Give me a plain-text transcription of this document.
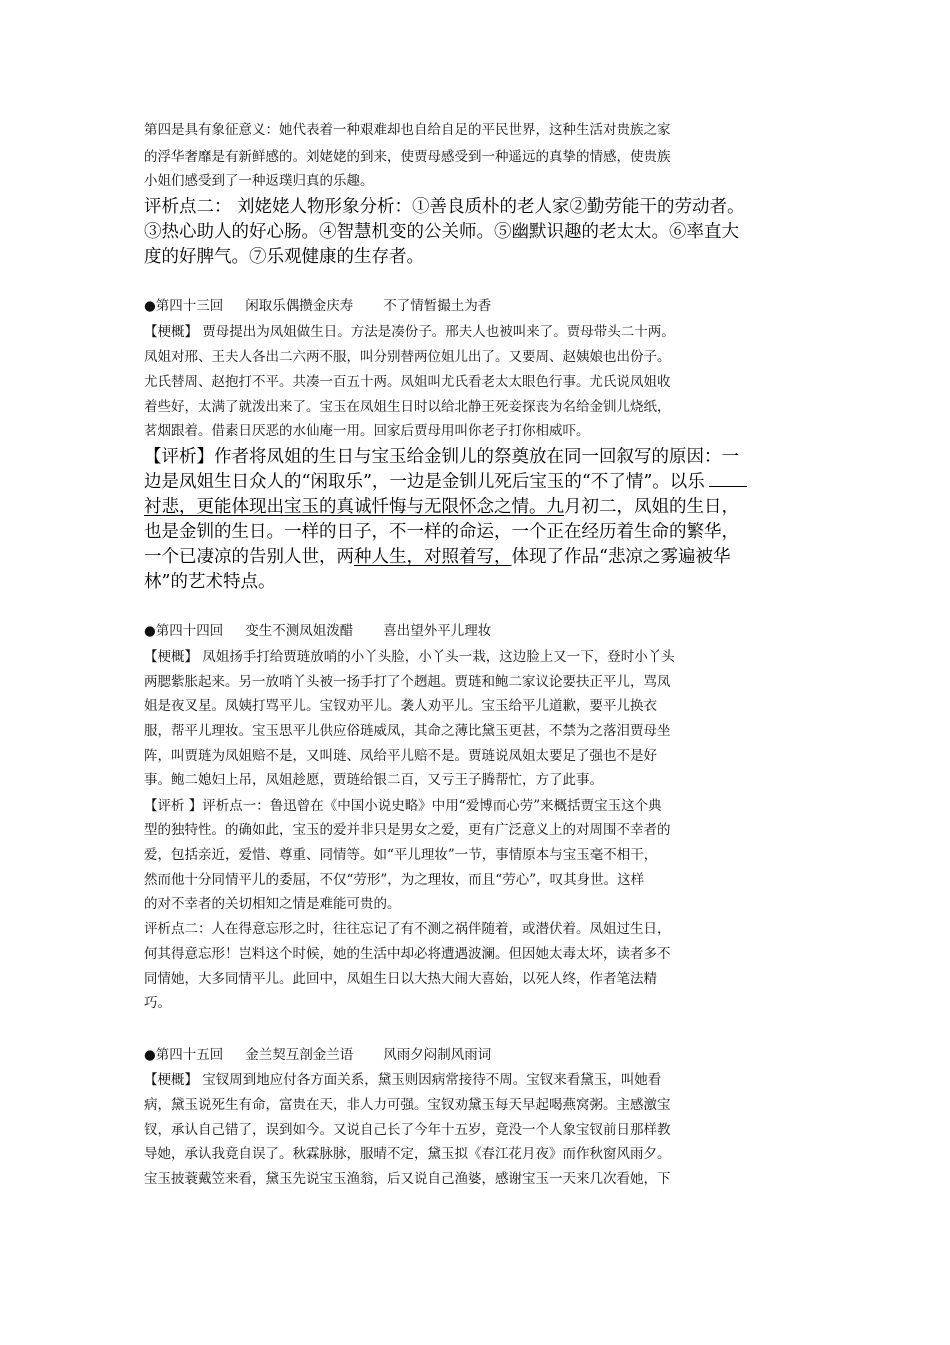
第四是具有象征意义：她代表着一种艰难却也自给自足的平民世界，这种生活对贵族之家
的浮华奢靡是有新鲜感的。刘姥姥的到来，使贾母感受到一种遥远的真挚的情感，使贵族
小姐们感受到了一种返璞归真的乐趣。
评析点二： 刘姥姥人物形象分析：①善良质朴的老人家②勤劳能干的劳动者。
③热心助人的好心肠。④智慧机变的公关师。⑤幽默识趣的老太太。⑥率直大
度的好脾气。⑦乐观健康的生存者。
●第四十三回 闲取乐偶攒金庆寿 不了情暂撮土为香
【梗概】 贾母提出为凤姐做生日。方法是凑份子。邢夫人也被叫来了。贾母带头二十两。
凤姐对邢、王夫人各出二六两不服，叫分别替两位姐儿出了。又要周、赵姨娘也出份子。
尤氏替周、赵抱打不平。共凑一百五十两。凤姐叫尤氏看老太太眼色行事。尤氏说凤姐收
着些好，太满了就泼出来了。宝玉在凤姐生日时以给北静王死妾探丧为名给金钏儿烧纸，
茗烟跟着。借素日厌恶的水仙庵一用。回家后贾母用叫你老子打你相威吓。
【评析】作者将凤姐的生日与宝玉给金钏儿的祭奠放在同一回叙写的原因：一
边是凤姐生日众人的“闲取乐”，一边是金钏儿死后宝玉的“不了情”。以乐
衬悲，更能体现出宝玉的真诚忏悔与无限怀念之情。九月初二，凤姐的生日，
也是金钏的生日。一样的日子，不一样的命运，一个正在经历着生命的繁华，
一个已凄凉的告别人世，两种人生，对照着写，体现了作品“悲凉之雾遍被华
林”的艺术特点。
●第四十四回 变生不测凤姐泼醋 喜出望外平儿理妆
【梗概】 凤姐扬手打给贾琏放哨的小丫头脸，小丫头一栽，这边脸上又一下，登时小丫头
两腮紫胀起来。另一放哨丫头被一扬手打了个趔趄。贾琏和鲍二家议论要扶正平儿，骂凤
姐是夜叉星。凤姨打骂平儿。宝钗劝平儿。袭人劝平儿。宝玉给平儿道歉，要平儿换衣
服，帮平儿理妆。宝玉思平儿供应俗琏威凤，其命之薄比黛玉更甚，不禁为之落泪贾母坐
阵，叫贾琏为凤姐赔不是，又叫琏、凤给平儿赔不是。贾琏说凤姐太要足了强也不是好
事。鲍二媳妇上吊，凤姐趁愿，贾琏给银二百，又亏王子腾帮忙，方了此事。
【评析 】评析点一：鲁迅曾在《中国小说史略》中用“爱博而心劳”来概括贾宝玉这个典
型的独特性。的确如此，宝玉的爱并非只是男女之爱，更有广泛意义上的对周围不幸者的
爱，包括亲近，爱惜、尊重、同情等。如“平儿理妆”一节，事情原本与宝玉毫不相干，
然而他十分同情平儿的委屈，不仅“劳形”，为之理妆，而且“劳心”，叹其身世。这样
的对不幸者的关切相知之情是难能可贵的。
评析点二：人在得意忘形之时，往往忘记了有不测之祸伴随着，或潜伏着。凤姐过生日，
何其得意忘形！岂料这个时候，她的生活中却必将遭遇波澜。但因她太毒太坏，读者多不
同情她，大多同情平儿。此回中，凤姐生日以大热大闹大喜始，以死人终，作者笔法精
巧。
●第四十五回 金兰契互剖金兰语 风雨夕闷制风雨词
【梗概】 宝钗周到地应付各方面关系，黛玉则因病常接待不周。宝钗来看黛玉，叫她看
病，黛玉说死生有命，富贵在天，非人力可强。宝钗劝黛玉每天早起喝燕窝粥。主感激宝
钗，承认自己错了，误到如今。又说自己长了今年十五岁，竟没一个人象宝钗前日那样教
导她，承认我竟自误了。秋霖脉脉，服晴不定，黛玉拟《春江花月夜》而作秋窗风雨夕。
宝玉披蓑戴笠来看，黛玉先说宝玉渔翁，后又说自己渔婆，感谢宝玉一天来几次看她，下
